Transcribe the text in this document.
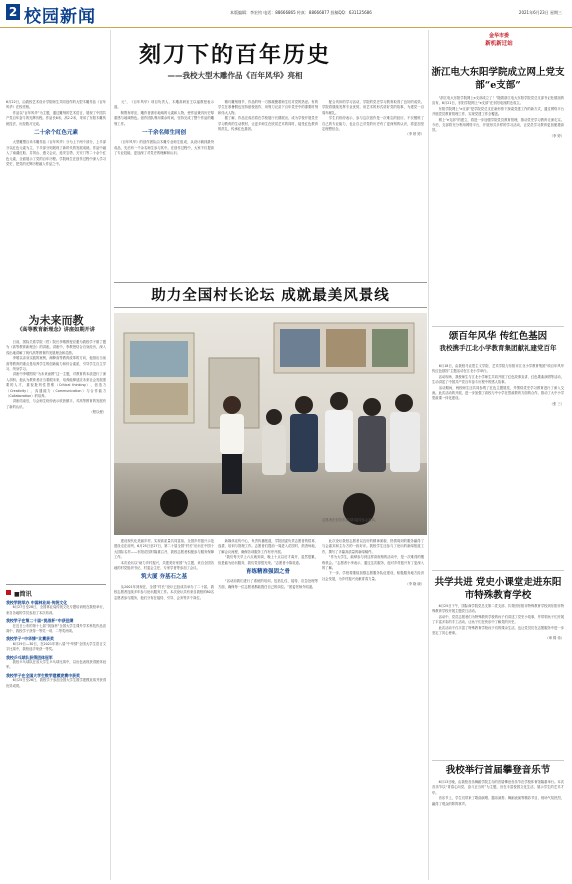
2 校园新闻	本版编辑：李宏钧 电话：88666865 传真：88666877 投稿QQ：631125686	2021年6月23日 星期三
刻刀下的百年历史
——我校大型木雕作品《百年风华》亮相
6月22日，由我校艺术设计学院师生共同创作的大型木雕作品《百年风华》在校亮相。
　　作品以“百年风华”为主题，通过雕刻的艺术语言，展现了中国共产党百年奋斗的光辉历程。作品长6米，高2.2米，采用了东阳木雕传统技法，历经数月完成。
二十余个红色元素
　　大型雕塑百米木雕作品《百年风华》分为上下两个部分，上半部分以红色元素为主，下半部分则展现了新时代的发展成就。作品中融入了南湖红船、井冈山、遵义会议、延安宝塔、天安门等二十余个红色元素，全面展示了党的百年历程。学院师生在创作过程中深入学习党史，把党的光辉历程融入作品之中。
　　元”，《百年风华》项目负责人、木雕高研室王以福教授表示道。
　　制既有呼应，雕作者浙东地域的元素和人物，使作品兼具历史厚重感与地域特色。创作团队利用课余时间，坚持完成了整个作品的雕刻工作。
一千余名师生同创
　　《百年风华》的创作团队由木雕专业师生组成，从设计稿到最终成品，先后有一千余名师生参与其中。在创作过程中，大家不仅提高了专业技能，更加深了对党史的理解和认识。
　　精巧雕刻细节，作品的每一刀都凝聚着师生们对党的热爱。有的学生在寒暑假也坚持留校创作，用刻刀记录下百年党史中的重要时刻和伟大人物。
　　据了解，作品完成后将在学校展厅长期展出，成为学校开展党史学习教育的生动教材，让更多师生在欣赏艺术的同时，接受红色教育的洗礼，传承红色基因。
　　配合具体的学习活动，学院的党史学习教育取得了良好的成效。学院将继续发挥专业优势，用艺术的形式讲好党的故事，为建党一百周年献礼。
　　学生们纷纷表示，参与这次创作是一次难忘的经历，不仅锻炼了自己的专业能力，也让自己对党的历史有了更深刻的认识，将更加坚定理想信念。
（李 婷 婷）
为未来而教
《高等教育新理念》讲座如期开讲
　　日前，国际关系学院（哲）院长李敬教授应邀为我校学子做了题为《高等教育新理念》的讲座。讲座中，李教授结合自身经历，深入浅出地讲解了现代高等教育的发展理念和趋势。
　　李敬以亲身实践的案例，阐释高等教育改革的方向，他指出当前高等教育的重点是培养学生的创新能力和综合素质，引导学生自主学习、终身学习。
　　讲座中李敬围绕“为未来而教”这一主题，对教育的本质进行了深入剖析。他认为教育者应当着眼未来，培养能够适应未来社会发展需要的人才，重视批判性思维（Critical thinking）、创造力（Creativity）、沟通能力（Communication）与合作能力（Collaboration）的培养。
　　讲座结束后，与会师生纷纷表示收获颇丰，对高等教育的发展有了新的认识。
（程以俊）
■简讯
我校学院举办 中国林业局·传统文化
　　6月27日至28日，全国林业局传统文化专题培训班在我校举行，来自各地的学员参加了本次培训。
我校学子在第二十届“挑战杯”中获佳绩
　　在近日公布的第十七届“挑战杯”全国大学生课外学术科技作品竞赛中，我校学子获得一等奖一项、二等奖两项。
我校学子“中华情”比赛获奖
　　6月29日—30日，在2021年第八届“中华情”全国大学生语言文字比赛中，我校选手荣获一等奖。
我校乒乓球队获得团体冠军
　　我校乒乓球队在省大学生乒乓球比赛中，以出色表现获得团体冠军。
我校学子在全国大学生数学建模竞赛中获奖
　　6月25日至26日，我校学子参加全国大学生数学建模竞赛并获得优异成绩。
助力全国村长论坛 成就最美风景线
　　建设现代化美丽乡村，实现高质量共同富裕，全国乡村振兴示范建设走在前列，6月25日至27日，第二十届全国“村长”论坛在中国十大国际名村——东阳花园村隆重召开，我校志愿者积极参与服务保障工作。
　　本次论坛以“助力乡村振兴，共建美好家园”为主题，来自全国各地的村党组织书记、村委会主任、专家学者等参加了会议。
筑大厦 夯基石之基
　　从2001年到现在，全国“村长”论坛已经成功举办了二十届，我校志愿者连续多年参与论坛服务工作。本次论坛共有来自我校的80名志愿者参与服务，他们分布在接待、引导、会务等多个岗位。
　　新媒体宣传中心，负责传播报道，学院团委负责志愿者的招募、选拔、培训与管理工作。志愿者们提前一周进入花园村，熟悉场地，了解会议流程，确保各项服务工作有序开展。
　　“我们每天早上六点就到岗，晚上十点以后才离开，虽然很累，但是能为论坛服务，我们觉得很光荣。”志愿者小陈说道。
育练精准强固之骨
　　“活动前我们进行了系统的培训，包括礼仪、接待、应急处理等方面，确保每一位志愿者都能胜任自己的岗位。”团委老师介绍道。
　　此次论坛我校志愿者以良好的精神面貌、热情周到的服务赢得了与会嘉宾和主办方的一致好评。我校学生还参与了论坛的新闻报道工作，撰写了多篇高质量的新闻稿件。
　　“作为大学生，能够参与到这样高规格的活动中，是一次难得的锻炼机会。”志愿者小李表示，通过这次服务，他对乡村振兴有了更深入的了解。
　　下一步，学校将继续加强志愿服务队伍建设，积极服务地方经济社会发展，为乡村振兴贡献青春力量。
（李 晓 晓）
志愿者在东阳市花园村接待参会嘉宾。
金华市委
新机新迁站
浙江电大东阳学院成立网上党支部“e支部”
　　“浙江电大东阳学院网上e支部成立了！”随着浙江电大东阳学院党总支部书记杜德旭的宣布，6月21日，东阳学院网上“e支部”在东阳电视附近成立。
　　东阳学院网上“e支部”是学院党总支在新形势下探索党建工作的新方式，通过网络平台开展党员教育管理工作，实现党建工作全覆盖。
　　网上“e支部”的建立，将进一步加强学院党员教育管理，推动党史学习教育走深走实。今后，支部将充分利用网络平台，开展形式多样的学习活动，让党员学习教育更加便捷高效。
（李 婷）
颂百年风华 传红色基因
我校携手江北小学教育集团献礼建党百年
　　6月18日，由我校马克思主义学院、艺术学院与东阳市江北小学教育集团“颂百年风华 传红色基因”主题活动在江北小学举行。
　　活动现场，我校师生与江北小学师生共同开展了红色故事宣讲、红色歌曲演唱等活动，生动讲述了中国共产党百年奋斗历程中的感人故事。
　　活动期间，两校师生还共同参观了红色主题展览，并围绕党史学习教育进行了深入交流。此次活动的开展，进一步加强了高校与中小学在思政教育方面的合作，推动了大中小学思政课一体化建设。
（张 三）
共学共进 党史小课堂走进东阳市特殊教育学校
　　6月25日下午，国际商学院党总支第二党支部、共青团东阳市特殊教育学校到东阳市特殊教育学校开展主题党日活动。
　　活动中，党员志愿者们为特殊教育学校的孩子们讲述了党史小故事，并带领孩子们开展了丰富多彩的手工活动，让孩子们在快乐中了解党的历史。
　　此次活动不仅丰富了特殊教育学校孩子们的课余生活，也让党员们在志愿服务中进一步坚定了初心使命。
（章 锦 伟）
我校举行首届攀登音乐节
　　6月13日晚，由我校音乐舞蹈学院主办的首届攀登音乐节在学校体育馆隆重举行。本次音乐节以“青春心向党，奋斗正当时”为主题，旨在丰富校园文化生活，展示学生的艺术才华。
　　音乐节上，学生们带来了歌曲演唱、器乐演奏、舞蹈表演等精彩节目，现场气氛热烈，赢得了观众的阵阵掌声。
